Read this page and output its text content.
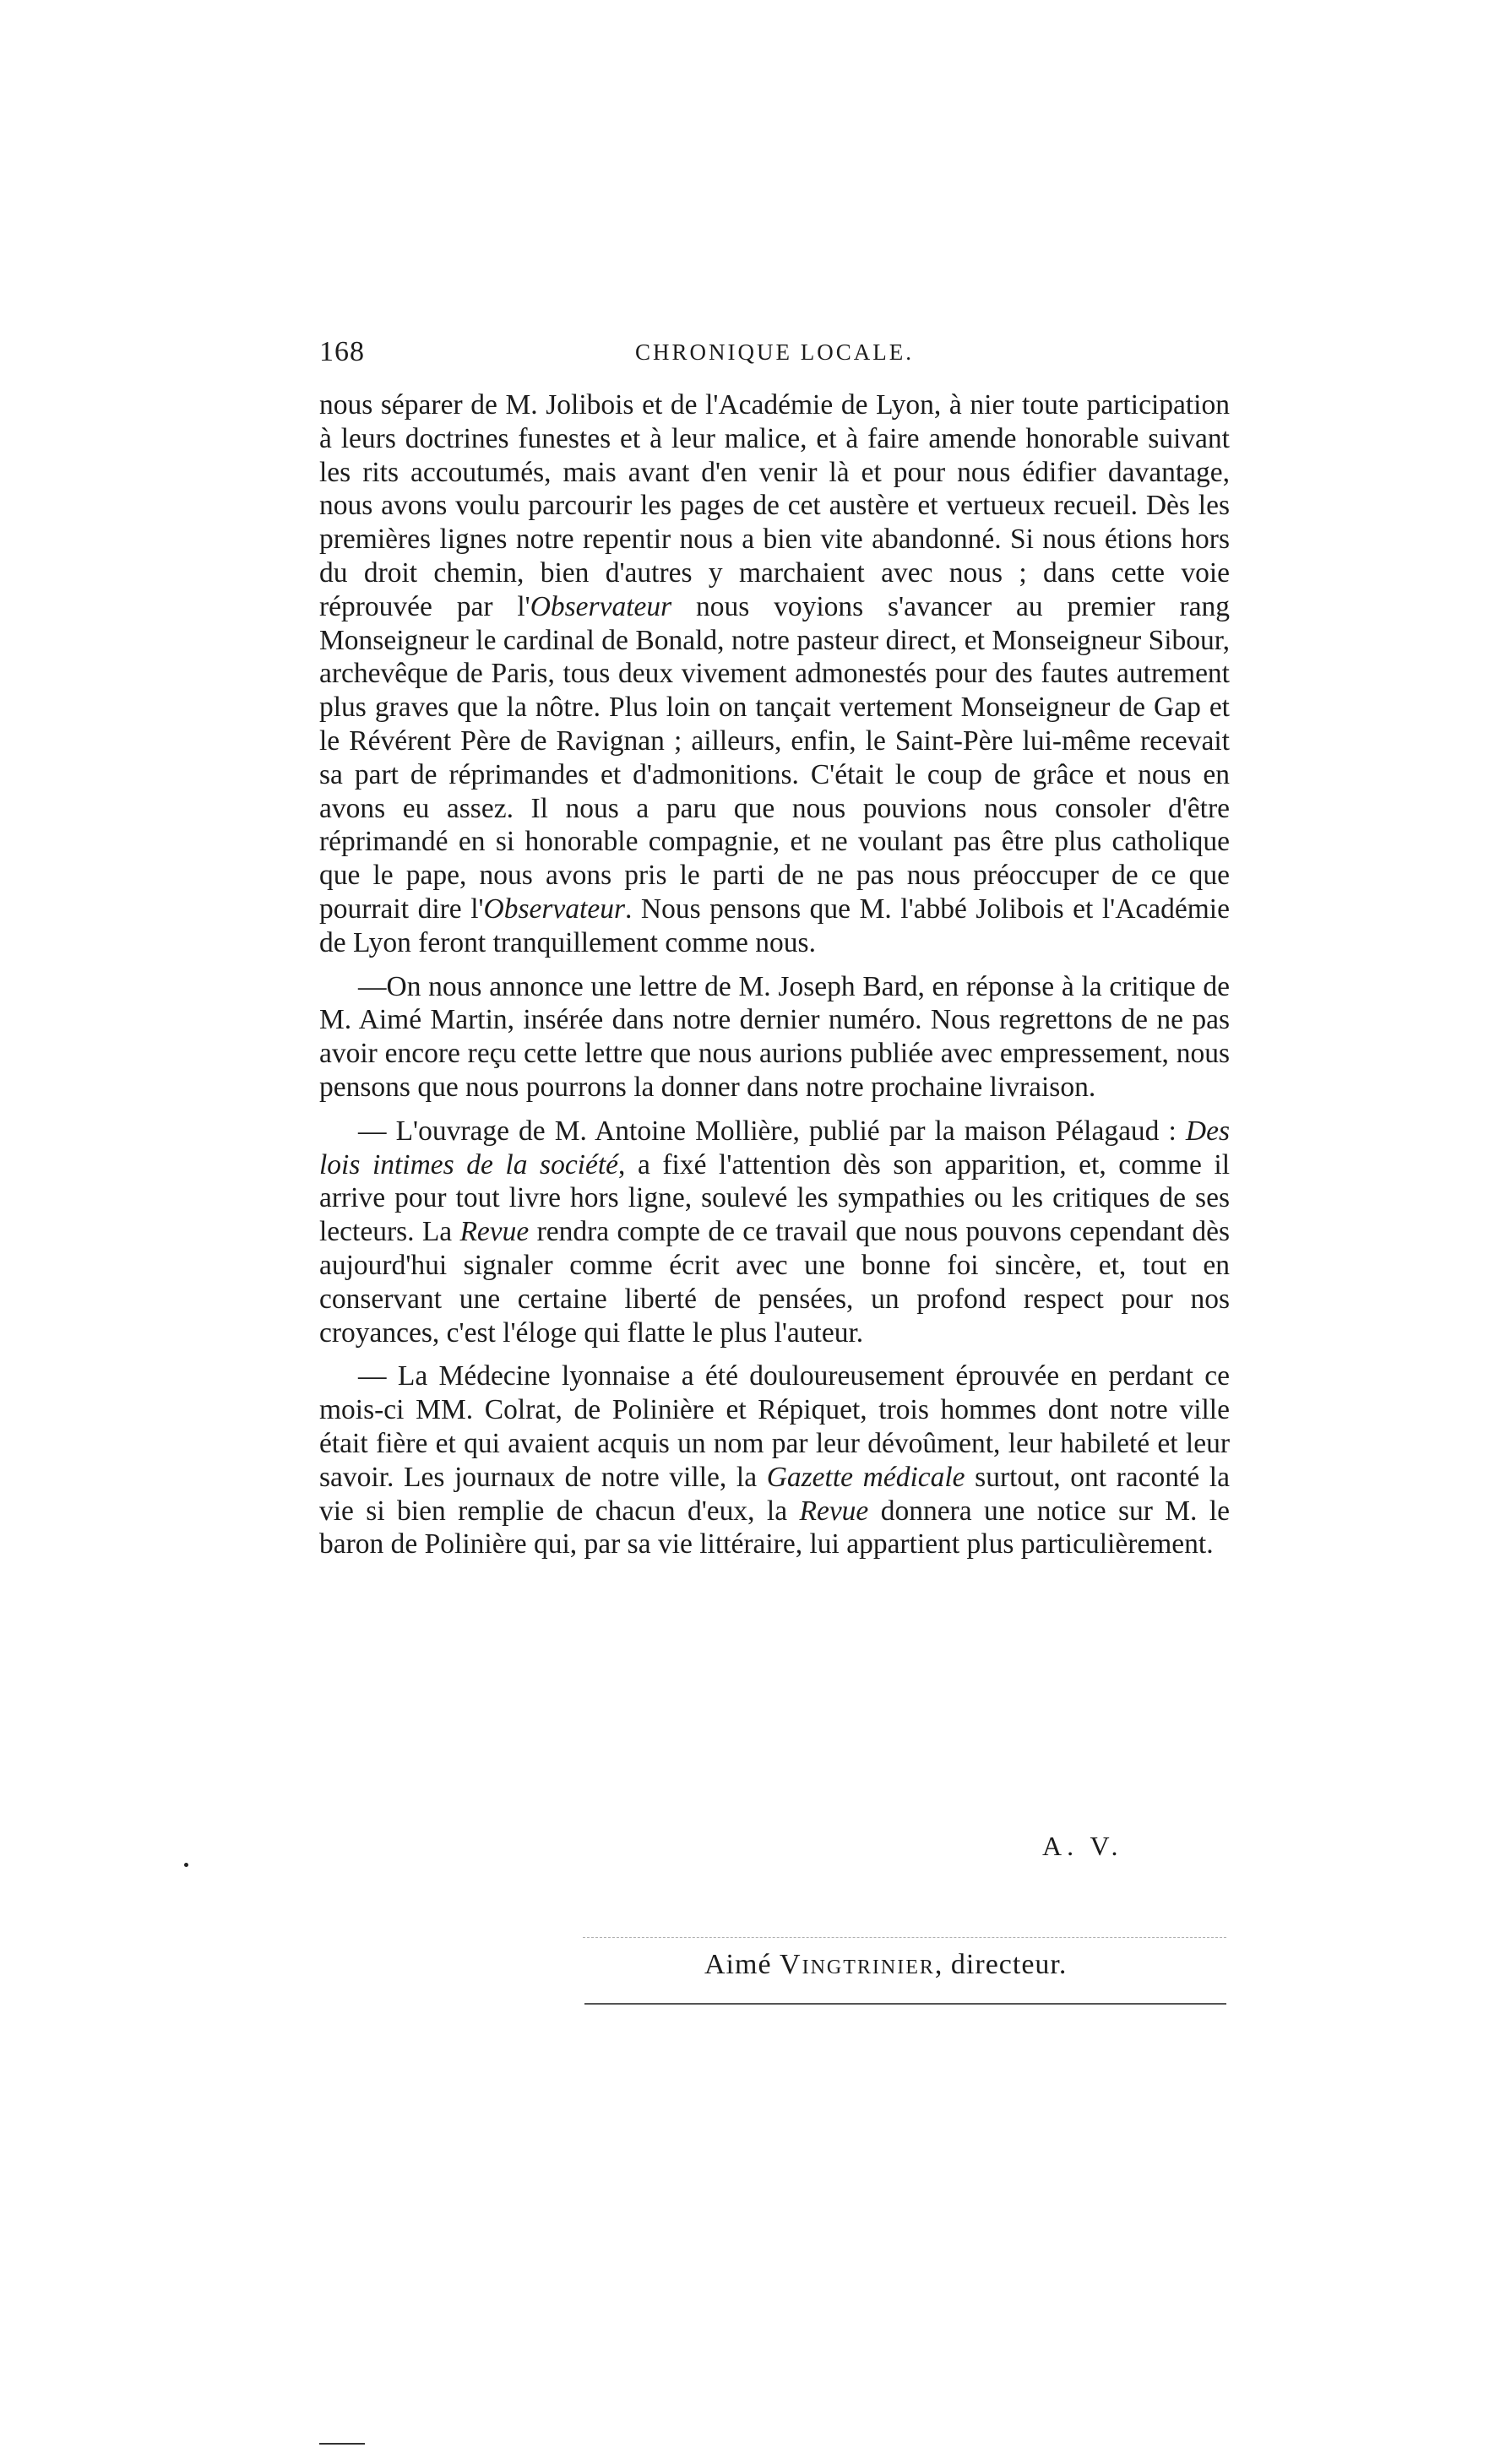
168	CHRONIQUE LOCALE.

nous séparer de M. Jolibois et de l'Académie de Lyon, à nier toute participation à leurs doctrines funestes et à leur malice, et à faire amende honorable suivant les rits accoutumés, mais avant d'en venir là et pour nous édifier davantage, nous avons voulu parcourir les pages de cet austère et vertueux recueil. Dès les premières lignes notre repentir nous a bien vite abandonné. Si nous étions hors du droit chemin, bien d'autres y marchaient avec nous ; dans cette voie réprouvée par l'Observateur nous voyions s'avancer au premier rang Monseigneur le cardinal de Bonald, notre pasteur direct, et Monseigneur Sibour, archevêque de Paris, tous deux vivement admonestés pour des fautes autrement plus graves que la nôtre. Plus loin on tançait vertement Monseigneur de Gap et le Révérent Père de Ravignan ; ailleurs, enfin, le Saint-Père lui-même recevait sa part de réprimandes et d'admonitions. C'était le coup de grâce et nous en avons eu assez. Il nous a paru que nous pouvions nous consoler d'être réprimandé en si honorable compagnie, et ne voulant pas être plus catholique que le pape, nous avons pris le parti de ne pas nous préoccuper de ce que pourrait dire l'Observateur. Nous pensons que M. l'abbé Jolibois et l'Académie de Lyon feront tranquillement comme nous.

—On nous annonce une lettre de M. Joseph Bard, en réponse à la critique de M. Aimé Martin, insérée dans notre dernier numéro. Nous regrettons de ne pas avoir encore reçu cette lettre que nous aurions publiée avec empressement, nous pensons que nous pourrons la donner dans notre prochaine livraison.

— L'ouvrage de M. Antoine Mollière, publié par la maison Pélagaud : Des lois intimes de la société, a fixé l'attention dès son apparition, et, comme il arrive pour tout livre hors ligne, soulevé les sympathies ou les critiques de ses lecteurs. La Revue rendra compte de ce travail que nous pouvons cependant dès aujourd'hui signaler comme écrit avec une bonne foi sincère, et, tout en conservant une certaine liberté de pensées, un profond respect pour nos croyances, c'est l'éloge qui flatte le plus l'auteur.

— La Médecine lyonnaise a été douloureusement éprouvée en perdant ce mois-ci MM. Colrat, de Polinière et Répiquet, trois hommes dont notre ville était fière et qui avaient acquis un nom par leur dévoûment, leur habileté et leur savoir. Les journaux de notre ville, la Gazette médicale surtout, ont raconté la vie si bien remplie de chacun d'eux, la Revue donnera une notice sur M. le baron de Polinière qui, par sa vie littéraire, lui appartient plus particulièrement.

A. V.
Aimé Vingtrinier, directeur.
